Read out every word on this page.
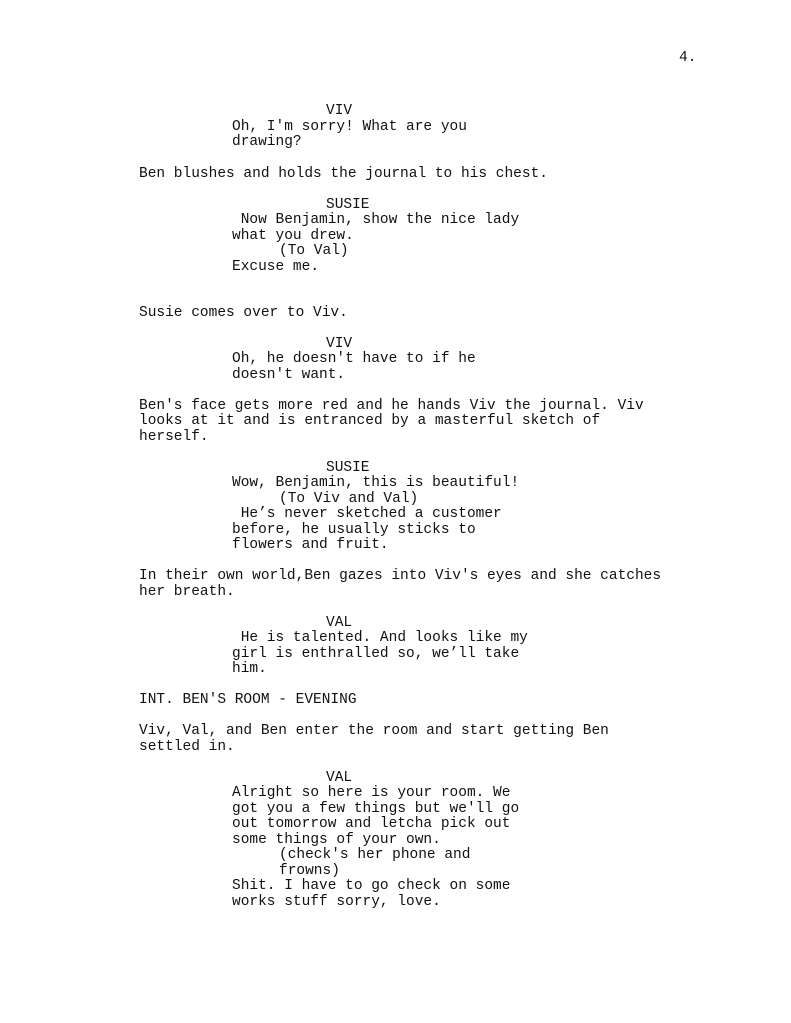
4.
VIV
Oh, I'm sorry! What are you
drawing?
Ben blushes and holds the journal to his chest.
SUSIE
Now Benjamin, show the nice lady
what you drew.
(To Val)
Excuse me.
Susie comes over to Viv.
VIV
Oh, he doesn't have to if he
doesn't want.
Ben's face gets more red and he hands Viv the journal. Viv
looks at it and is entranced by a masterful sketch of
herself.
SUSIE
Wow, Benjamin, this is beautiful!
(To Viv and Val)
He’s never sketched a customer
before, he usually sticks to
flowers and fruit.
In their own world,Ben gazes into Viv's eyes and she catches
her breath.
VAL
He is talented. And looks like my
girl is enthralled so, we’ll take
him.
INT. BEN'S ROOM - EVENING
Viv, Val, and Ben enter the room and start getting Ben
settled in.
VAL
Alright so here is your room. We
got you a few things but we'll go
out tomorrow and letcha pick out
some things of your own.
(check's her phone and
frowns)
Shit. I have to go check on some
works stuff sorry, love.
